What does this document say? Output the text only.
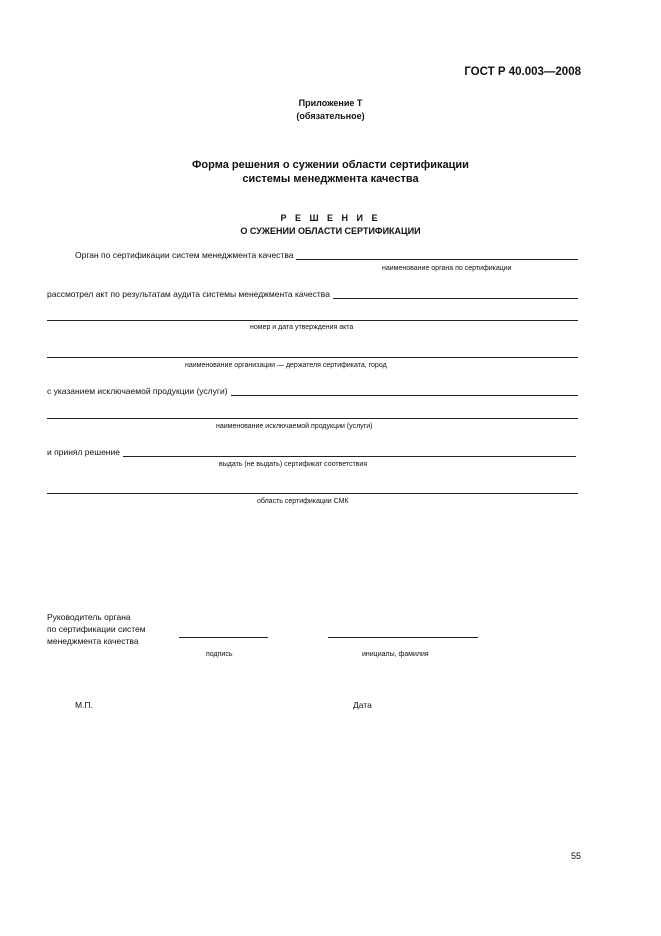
ГОСТ Р 40.003—2008
Приложение Т
(обязательное)
Форма решения о сужении области сертификации
системы менеджмента качества
Р Е Ш Е Н И Е
О СУЖЕНИИ ОБЛАСТИ СЕРТИФИКАЦИИ
Орган по сертификации систем менеджмента качества
наименование органа по сертификации
рассмотрел акт по результатам аудита системы менеджмента качества
номер и дата утверждения акта
наименование организации — держателя сертификата, город
с указанием исключаемой продукции (услуги)
наименование исключаемой продукции (услуги)
и принял решение
выдать (не выдать) сертификат соответствия
область сертификации СМК
Руководитель органа
по сертификации систем
менеджмента качества
подпись	инициалы, фамилия
М.П.	Дата
55
